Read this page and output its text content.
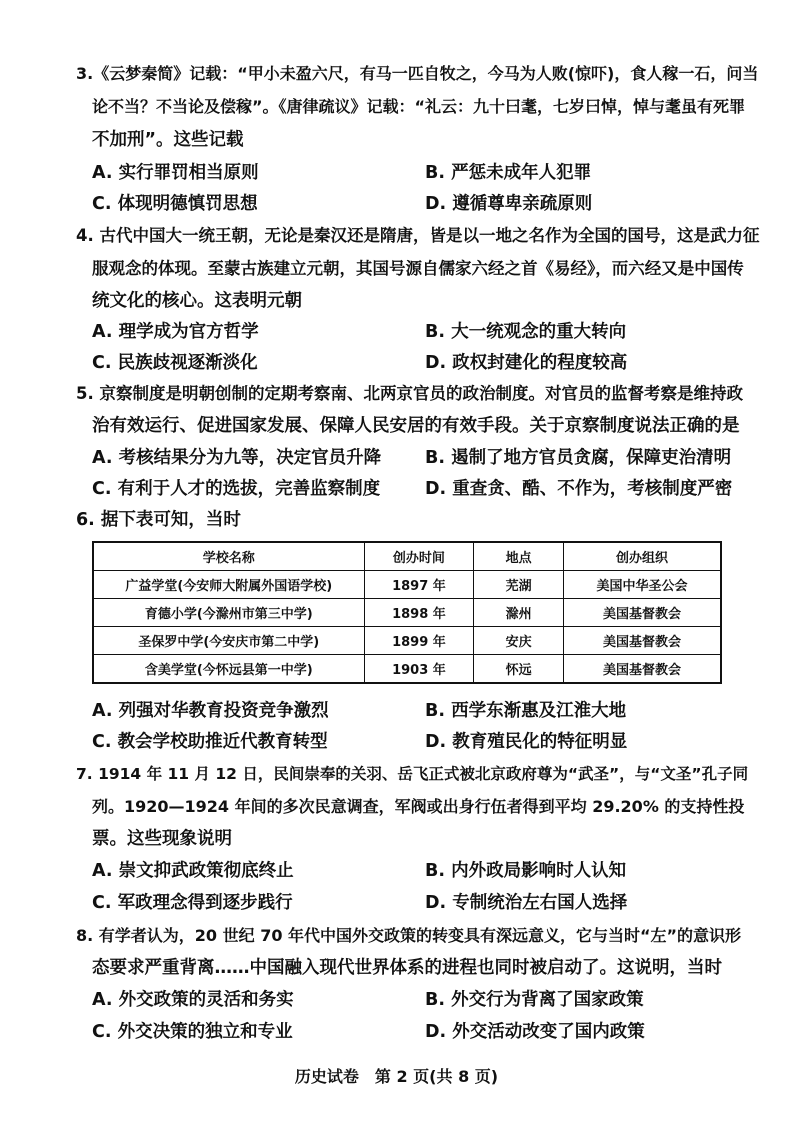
3.《云梦秦简》记载：“甲小未盈六尺，有马一匹自牧之，今马为人败(惊吓)，食人稼一石，问当
论不当？不当论及偿稼”。《唐律疏议》记载：“礼云：九十曰耄，七岁曰悼，悼与耄虽有死罪
不加刑”。这些记载
A. 实行罪罚相当原则	B. 严惩未成年人犯罪
C. 体现明德慎罚思想	D. 遵循尊卑亲疏原则
4. 古代中国大一统王朝，无论是秦汉还是隋唐，皆是以一地之名作为全国的国号，这是武力征
服观念的体现。至蒙古族建立元朝，其国号源自儒家六经之首《易经》，而六经又是中国传
统文化的核心。这表明元朝
A. 理学成为官方哲学	B. 大一统观念的重大转向
C. 民族歧视逐渐淡化	D. 政权封建化的程度较高
5. 京察制度是明朝创制的定期考察南、北两京官员的政治制度。对官员的监督考察是维持政
治有效运行、促进国家发展、保障人民安居的有效手段。关于京察制度说法正确的是
A. 考核结果分为九等，决定官员升降	B. 遏制了地方官员贪腐，保障吏治清明
C. 有利于人才的选拔，完善监察制度	D. 重查贪、酷、不作为，考核制度严密
6. 据下表可知，当时
学校名称	创办时间	地点	创办组织
广益学堂(今安师大附属外国语学校)	1897 年	芜湖	美国中华圣公会
育德小学(今滁州市第三中学)	1898 年	滁州	美国基督教会
圣保罗中学(今安庆市第二中学)	1899 年	安庆	美国基督教会
含美学堂(今怀远县第一中学)	1903 年	怀远	美国基督教会
A. 列强对华教育投资竞争激烈	B. 西学东渐惠及江淮大地
C. 教会学校助推近代教育转型	D. 教育殖民化的特征明显
7. 1914 年 11 月 12 日，民间崇奉的关羽、岳飞正式被北京政府尊为“武圣”，与“文圣”孔子同
列。1920—1924 年间的多次民意调查，军阀或出身行伍者得到平均 29.20% 的支持性投
票。这些现象说明
A. 崇文抑武政策彻底终止	B. 内外政局影响时人认知
C. 军政理念得到逐步践行	D. 专制统治左右国人选择
8. 有学者认为，20 世纪 70 年代中国外交政策的转变具有深远意义，它与当时“左”的意识形
态要求严重背离……中国融入现代世界体系的进程也同时被启动了。这说明，当时
A. 外交政策的灵活和务实	B. 外交行为背离了国家政策
C. 外交决策的独立和专业	D. 外交活动改变了国内政策
历史试卷　第 2 页(共 8 页)
